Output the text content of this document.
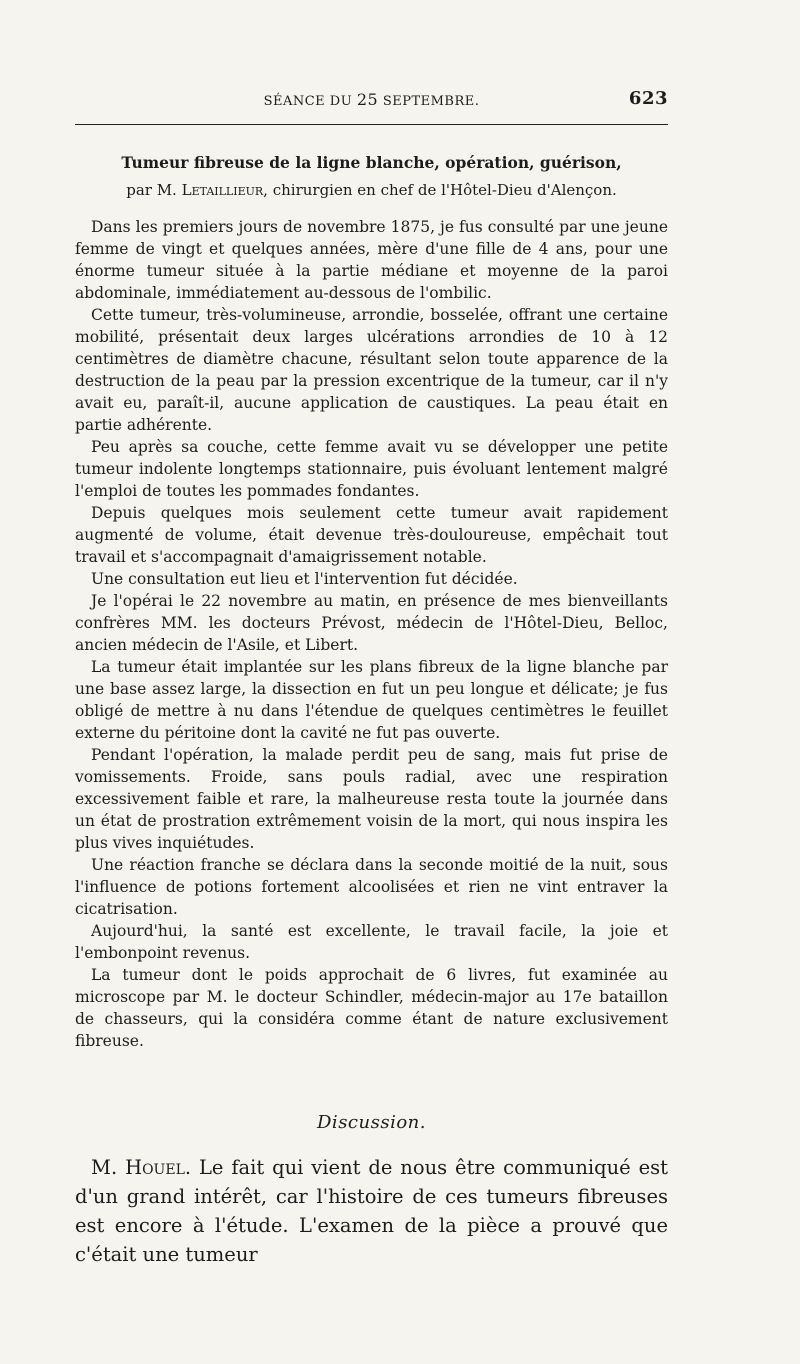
SÉANCE DU 25 SEPTEMBRE.	623
Tumeur fibreuse de la ligne blanche, opération, guérison,
par M. Letaillieur, chirurgien en chef de l'Hôtel-Dieu d'Alençon.

Dans les premiers jours de novembre 1875, je fus consulté par une jeune femme de vingt et quelques années, mère d'une fille de 4 ans, pour une énorme tumeur située à la partie médiane et moyenne de la paroi abdominale, immédiatement au-dessous de l'ombilic.

Cette tumeur, très-volumineuse, arrondie, bosselée, offrant une certaine mobilité, présentait deux larges ulcérations arrondies de 10 à 12 centimètres de diamètre chacune, résultant selon toute apparence de la destruction de la peau par la pression excentrique de la tumeur, car il n'y avait eu, paraît-il, aucune application de caustiques. La peau était en partie adhérente.

Peu après sa couche, cette femme avait vu se développer une petite tumeur indolente longtemps stationnaire, puis évoluant lentement malgré l'emploi de toutes les pommades fondantes.

Depuis quelques mois seulement cette tumeur avait rapidement augmenté de volume, était devenue très-douloureuse, empêchait tout travail et s'accompagnait d'amaigrissement notable.

Une consultation eut lieu et l'intervention fut décidée.

Je l'opérai le 22 novembre au matin, en présence de mes bienveillants confrères MM. les docteurs Prévost, médecin de l'Hôtel-Dieu, Belloc, ancien médecin de l'Asile, et Libert.

La tumeur était implantée sur les plans fibreux de la ligne blanche par une base assez large, la dissection en fut un peu longue et délicate; je fus obligé de mettre à nu dans l'étendue de quelques centimètres le feuillet externe du péritoine dont la cavité ne fut pas ouverte.

Pendant l'opération, la malade perdit peu de sang, mais fut prise de vomissements. Froide, sans pouls radial, avec une respiration excessivement faible et rare, la malheureuse resta toute la journée dans un état de prostration extrêmement voisin de la mort, qui nous inspira les plus vives inquiétudes.

Une réaction franche se déclara dans la seconde moitié de la nuit, sous l'influence de potions fortement alcoolisées et rien ne vint entraver la cicatrisation.

Aujourd'hui, la santé est excellente, le travail facile, la joie et l'embonpoint revenus.

La tumeur dont le poids approchait de 6 livres, fut examinée au microscope par M. le docteur Schindler, médecin-major au 17e bataillon de chasseurs, qui la considéra comme étant de nature exclusivement fibreuse.

Discussion.

M. Houel. Le fait qui vient de nous être communiqué est d'un grand intérêt, car l'histoire de ces tumeurs fibreuses est encore à l'étude. L'examen de la pièce a prouvé que c'était une tumeur
